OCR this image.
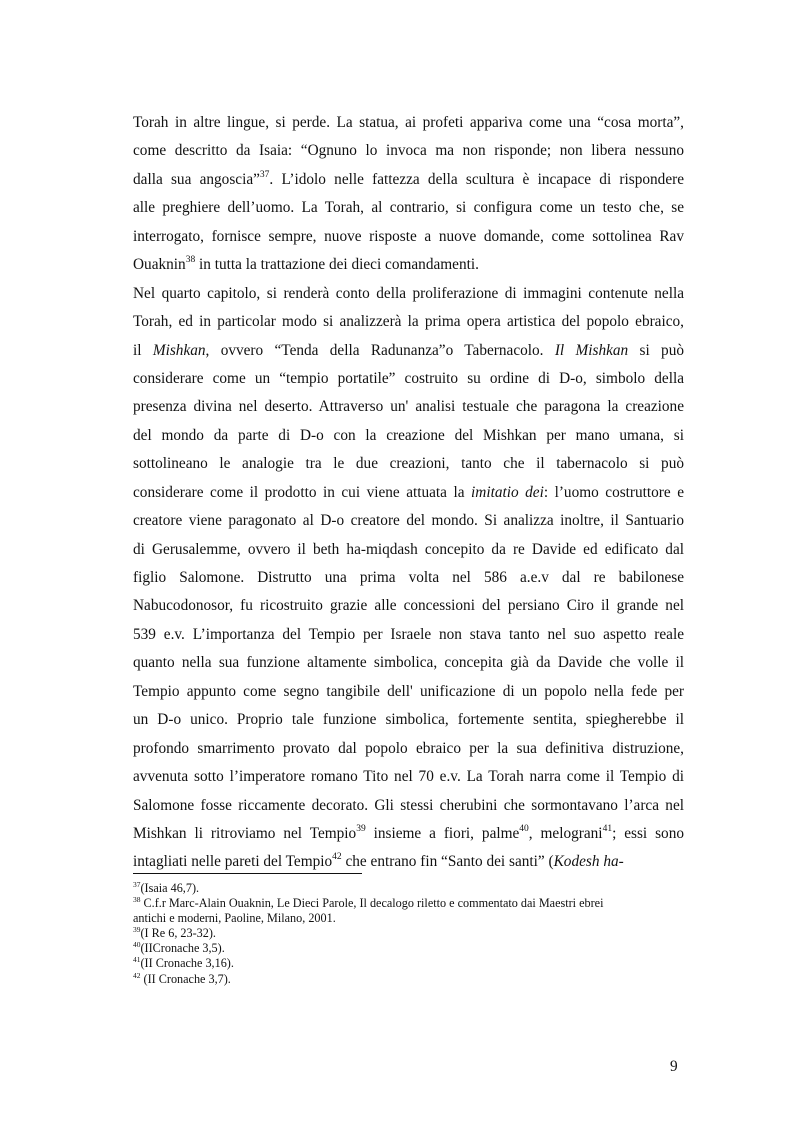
Torah in altre lingue, si perde. La statua, ai profeti appariva come una “cosa morta”,
come descritto da Isaia: “Ognuno lo invoca ma non risponde; non libera nessuno
dalla sua angoscia”$^{37}$. L’idolo nelle fattezza della scultura è incapace di rispondere
alle preghiere dell’uomo. La Torah, al contrario, si configura come un testo che, se
interrogato, fornisce sempre, nuove risposte a nuove domande, come sottolinea Rav
Ouaknin$^{38}$ in tutta la trattazione dei dieci comandamenti.
Nel quarto capitolo, si renderà conto della proliferazione di immagini contenute nella
Torah, ed in particolar modo si analizzerà la prima opera artistica del popolo ebraico,
il Mishkan, ovvero “Tenda della Radunanza”o Tabernacolo. Il Mishkan si può
considerare come un “tempio portatile” costruito su ordine di D-o, simbolo della
presenza divina nel deserto. Attraverso un' analisi testuale che paragona la creazione
del mondo da parte di D-o con la creazione del Mishkan per mano umana, si
sottolineano le analogie tra le due creazioni, tanto che il tabernacolo si può
considerare come il prodotto in cui viene attuata la imitatio dei: l’uomo costruttore e
creatore viene paragonato al D-o creatore del mondo. Si analizza inoltre, il Santuario
di Gerusalemme, ovvero il beth ha-miqdash concepito da re Davide ed edificato dal
figlio Salomone. Distrutto una prima volta nel 586 a.e.v dal re babilonese
Nabucodonosor, fu ricostruito grazie alle concessioni del persiano Ciro il grande nel
539 e.v. L’importanza del Tempio per Israele non stava tanto nel suo aspetto reale
quanto nella sua funzione altamente simbolica, concepita già da Davide che volle il
Tempio appunto come segno tangibile dell' unificazione di un popolo nella fede per
un D-o unico. Proprio tale funzione simbolica, fortemente sentita, spiegherebbe il
profondo smarrimento provato dal popolo ebraico per la sua definitiva distruzione,
avvenuta sotto l’imperatore romano Tito nel 70 e.v. La Torah narra come il Tempio di
Salomone fosse riccamente decorato. Gli stessi cherubini che sormontavano l’arca nel
Mishkan li ritroviamo nel Tempio$^{39}$ insieme a fiori, palme$^{40}$, melograni$^{41}$; essi sono
intagliati nelle pareti del Tempio$^{42}$ che entrano fin “Santo dei santi” (Kodesh ha-
$^{37}$(Isaia 46,7).
$^{38}$ C.f.r Marc-Alain Ouaknin, Le Dieci Parole, Il decalogo riletto e commentato dai Maestri ebrei
antichi e moderni, Paoline, Milano, 2001.
$^{39}$(I Re 6, 23-32).
$^{40}$(IICronache 3,5).
$^{41}$(II Cronache 3,16).
$^{42}$ (II Cronache 3,7).
9
